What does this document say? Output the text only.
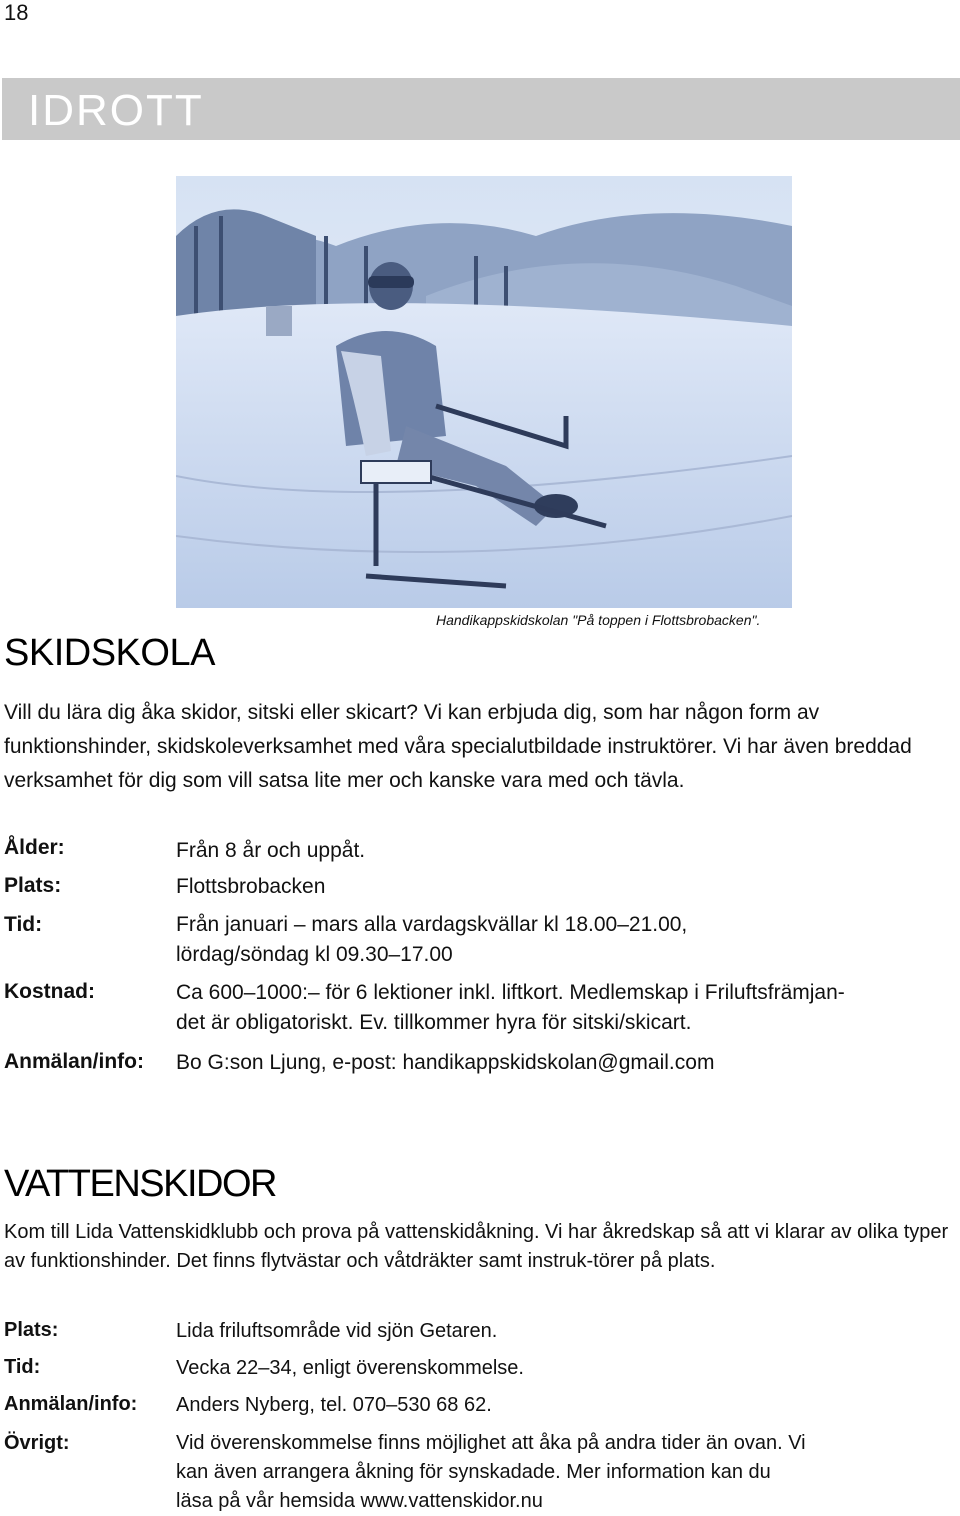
18
IDROTT
Handikappskidskolan "På toppen i Flottsbrobacken".
SKIDSKOLA

Vill du lära dig åka skidor, sitski eller skicart? Vi kan erbjuda dig, som har någon form av funktionshinder, skidskoleverksamhet med våra specialutbildade instruktörer. Vi har även breddad verksamhet för dig som vill satsa lite mer och kanske vara med och tävla.

Ålder:	Från 8 år och uppåt.
Plats:	Flottsbrobacken
Tid:	Från januari – mars alla vardagskvällar kl 18.00–21.00,
lördag/söndag kl 09.30–17.00
Kostnad:	Ca 600–1000:– för 6 lektioner inkl. liftkort. Medlemskap i Friluftsfrämjan-
det är obligatoriskt. Ev. tillkommer hyra för sitski/skicart.
Anmälan/info: Bo G:son Ljung, e-post: handikappskidskolan@gmail.com
VATTENSKIDOR

Kom till Lida Vattenskidklubb och prova på vattenskidåkning. Vi har åkredskap så att vi klarar av olika typer av funktionshinder. Det finns flytvästar och våtdräkter samt instruk-törer på plats.

Plats:	Lida friluftsområde vid sjön Getaren.
Tid:	Vecka 22–34, enligt överenskommelse.
Anmälan/info: Anders Nyberg, tel. 070–530 68 62.
Övrigt:	Vid överenskommelse finns möjlighet att åka på andra tider än ovan. Vi
kan även arrangera åkning för synskadade. Mer information kan du
läsa på vår hemsida www.vattenskidor.nu
